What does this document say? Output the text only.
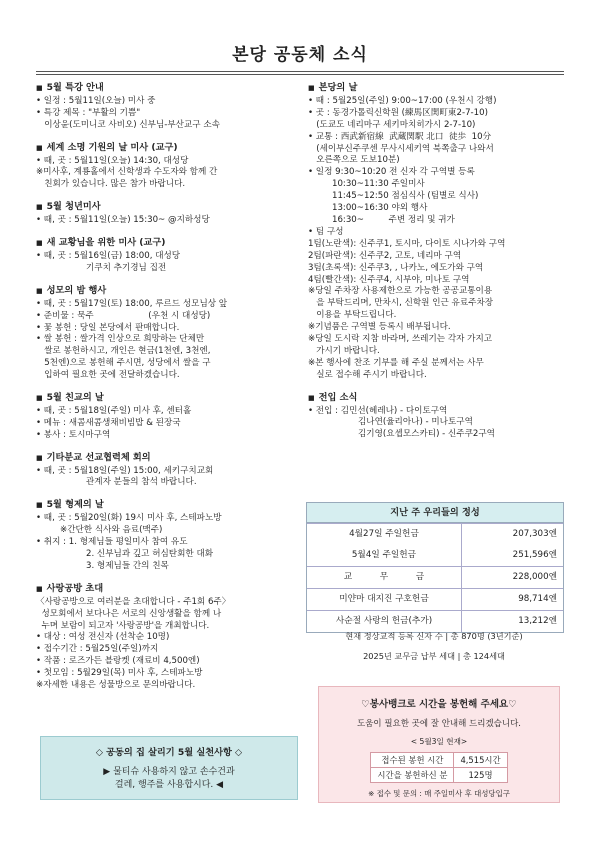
본당 공동체 소식
■ 5월 특강 안내
• 일정 : 5월11일(오늘) 미사 중
• 특강 제목 : "부활의 기쁨"
이상윤(도미니코 사비오) 신부님-부산교구 소속
■ 세계 소명 기원의 날 미사 (교구)
• 때, 곳 : 5월11일(오늘) 14:30, 대성당
※미사후, 계룡홀에서 신학생과 수도자와 함께 간
친회가 있습니다. 많은 참가 바랍니다.
■ 5월 청년미사
• 때, 곳 : 5월11일(오늘) 15:30~ @지하성당
■ 새 교황님을 위한 미사 (교구)
• 때, 곳 : 5월16일(금) 18:00, 대성당
기쿠치 추기경님 집전
■ 성모의 밤 행사
• 때, 곳 : 5월17일(토) 18:00, 루르드 성모님상 앞
• 준비물 : 묵주                    (우천 시 대성당)
• 꽃 봉헌 : 당일 본당에서 판매합니다.
• 쌀 봉헌 : 쌀가격 인상으로 희망하는 단체만
쌀로 봉헌하시고, 개인은 현금(1천엔, 3천엔,
5천엔)으로 봉헌해 주시면, 성당에서 쌀을 구
입하여 필요한 곳에 전달하겠습니다.
■ 5월 친교의 날
• 때, 곳 : 5월18일(주일) 미사 후, 센터홀
• 메뉴 : 새콤새콤생채비빔밥 & 된장국
• 봉사 : 토시마구역
■ 기타분교 선교협력체 회의
• 때, 곳 : 5월18일(주일) 15:00, 세키구치교회
관계자 분들의 참석 바랍니다.
■ 5월 형제의 날
• 때, 곳 : 5월20일(화) 19시 미사 후, 스테파노방
※간단한 식사와 음료(맥주)
• 취지 : 1. 형제님들 평일미사 참여 유도
2. 신부님과 깊고 허심탄회한 대화
3. 형제님들 간의 친목
■ 사랑공방 초대
〈사랑공방으로 여러분을 초대합니다 - 주1회 6주〉
성모회에서 보다나은 서로의 신앙생활을 함께 나
누며 보람이 되고자 '사랑공방'을 개최합니다.
• 대상 : 여성 전신자 (선착순 10명)
• 접수기간 : 5월25일(주일)까지
• 작품 : 로즈가든 블랑켓 (재료비 4,500엔)
• 첫모임 : 5월29일(목) 미사 후, 스테파노방
※자세한 내용은 성물방으로 문의바랍니다.
■ 본당의 날
• 때 : 5월25일(주일) 9:00~17:00 (우천시 강행)
• 곳 : 동경가톨릭신학원 (練馬区関町東2-7-10)
(도쿄도 네리마구 세키마치히가시 2-7-10)
• 교통 : 西武新宿線  武蔵関駅 北口  徒歩  10分
(세이부신주쿠센 무사시세키역 북쪽출구 나와서
오른쪽으로 도보10분)
• 일정 9:30~10:20 전 신자 각 구역별 등록
10:30~11:30 주일미사
11:45~12:50 점심식사 (팀별로 식사)
13:00~16:30 야외 행사
16:30~         주변 정리 및 귀가
• 팀 구성
1팀(노란색): 신주쿠1, 토시마, 다이토 시나가와 구역
2팀(파란색): 신주쿠2, 고토, 네리마 구역
3팀(초록색): 신주쿠3, , 나카노, 에도가와 구역
4팀(빨간색): 신주쿠4, 시부야, 미나토 구역
※당일 주차장 사용제한으로 가능한 공공교통이용
을 부탁드리며, 만차시, 신학원 인근 유료주차장
이용을 부탁드립니다.
※기념품은 구역별 등록시 배부됩니다.
※당일 도시락 지참 바라며, 쓰레기는 각자 가지고
가시기 바랍니다.
※본 행사에 찬조 기부를 해 주실 분께서는 사무
실로 접수해 주시기 바랍니다.
■ 전입 소식
• 전입 : 김민선(헤레나) - 다이토구역
김나연(율리아나) - 미나토구역
김기영(요셉모스카티) - 신주쿠2구역
◇ 공동의 집 살리기 5월 실천사항 ◇
▶ 물티슈 사용하지 않고 손수건과
걸레, 행주를 사용합시다. ◀
지난 주 우리들의 정성
4월27일 주일헌금	207,303엔
5월4일 주일헌금	251,596엔
교          무          금	228,000엔
미얀마 대지진 구호헌금	98,714엔
사순절 사랑의 헌금(추가)	13,212엔
현재 정상교적 등록 신자 수 | 총 870명 (3년기준)
2025년 교무금 납부 세대 | 총 124세대
♡봉사뱅크로 시간을 봉헌해 주세요♡
도움이 필요한 곳에 잘 안내해 드리겠습니다.
< 5월3일 현재>
접수된 봉헌 시간	4,515시간
시간을 봉헌하신 분	125명
※ 접수 및 문의 : 매 주일미사 후 대성당입구
